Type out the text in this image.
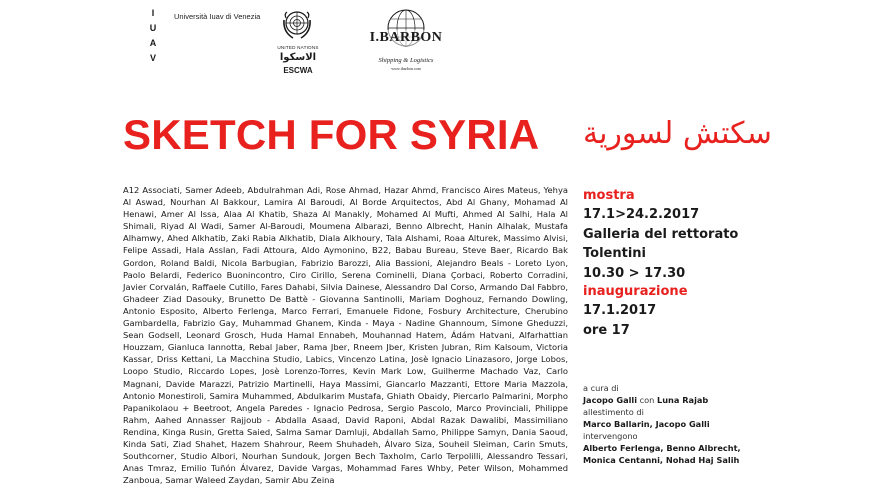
I
U
A
V
Università Iuav di Venezia
UNITED NATIONS
الاسكوا
ESCWA
I.BARBON
Shipping & Logistics
www.ibarbon.com
SKETCH FOR SYRIA سكتش لسورية

A12 Associati, Samer Adeeb, Abdulrahman Adi, Rose Ahmad, Hazar Ahmd, Francisco Aires Mateus, Yehya Al Aswad, Nourhan Al Bakkour, Lamira Al Baroudi, Al Borde Arquitectos, Abd Al Ghany, Mohamad Al Henawi, Amer Al Issa, Alaa Al Khatib, Shaza Al Manakly, Mohamed Al Mufti, Ahmed Al Salhi, Hala Al Shimali, Riyad Al Wadi, Samer Al-Baroudi, Moumena Albarazi, Benno Albrecht, Hanin Alhalak, Mustafa Alhamwy, Ahed Alkhatib, Zaki Rabia Alkhatib, Diala Alkhoury, Tala Alshami, Roaa Alturek, Massimo Alvisi, Felipe Assadi, Hala Asslan, Fadi Attoura, Aldo Aymonino, B22, Babau Bureau, Steve Baer, Ricardo Bak Gordon, Roland Baldi, Nicola Barbugian, Fabrizio Barozzi, Alia Bassioni, Alejandro Beals - Loreto Lyon, Paolo Belardi, Federico Buonincontro, Ciro Cirillo, Serena Cominelli, Diana Çorbaci, Roberto Corradini, Javier Corvalán, Raffaele Cutillo, Fares Dahabi, Silvia Dainese, Alessandro Dal Corso, Armando Dal Fabbro, Ghadeer Ziad Dasouky, Brunetto De Battè - Giovanna Santinolli, Mariam Doghouz, Fernando Dowling, Antonio Esposito, Alberto Ferlenga, Marco Ferrari, Emanuele Fidone, Fosbury Architecture, Cherubino Gambardella, Fabrizio Gay, Muhammad Ghanem, Kinda - Maya - Nadine Ghannoum, Simone Gheduzzi, Sean Godsell, Leonard Grosch, Huda Hamal Ennabeh, Mouhannad Hatem, Ádám Hatvani, Alfarhattian Houzzam, Gianluca Iannotta, Rebal Jaber, Rama Jber, Rneem Jber, Kristen Jubran, Rim Kalsoum, Victoria Kassar, Driss Kettani, La Macchina Studio, Labics, Vincenzo Latina, Josè Ignacio Linazasoro, Jorge Lobos, Loopo Studio, Riccardo Lopes, Josè Lorenzo-Torres, Kevin Mark Low, Guilherme Machado Vaz, Carlo Magnani, Davide Marazzi, Patrizio Martinelli, Haya Massimi, Giancarlo Mazzanti, Ettore Maria Mazzola, Antonio Monestiroli, Samira Muhammed, Abdulkarim Mustafa, Ghiath Obaidy, Piercarlo Palmarini, Morpho Papanikolaou + Beetroot, Angela Paredes - Ignacio Pedrosa, Sergio Pascolo, Marco Provinciali, Philippe Rahm, Aahed Annasser Rajjoub - Abdalla Asaad, David Raponi, Abdal Razak Dawalibi, Massimiliano Rendina, Kinga Rusin, Gretta Saied, Salma Samar Damluji, Abdallah Samo, Philippe Samyn, Dania Saoud, Kinda Sati, Ziad Shahet, Hazem Shahrour, Reem Shuhadeh, Álvaro Siza, Souheil Sleiman, Carin Smuts, Southcorner, Studio Albori, Nourhan Sundouk, Jorgen Bech Taxholm, Carlo Terpolilli, Alessandro Tessari, Anas Tmraz, Emilio Tuñón Álvarez, Davide Vargas, Mohammad Fares Whby, Peter Wilson, Mohammed Zanboua, Samar Waleed Zaydan, Samir Abu Zeina

mostra
17.1>24.2.2017
Galleria del rettorato
Tolentini
10.30 > 17.30
inaugurazione
17.1.2017
ore 17
a cura di
Jacopo Galli con Luna Rajab
allestimento di
Marco Ballarin, Jacopo Galli
intervengono
Alberto Ferlenga, Benno Albrecht,
Monica Centanni, Nohad Haj Salih
